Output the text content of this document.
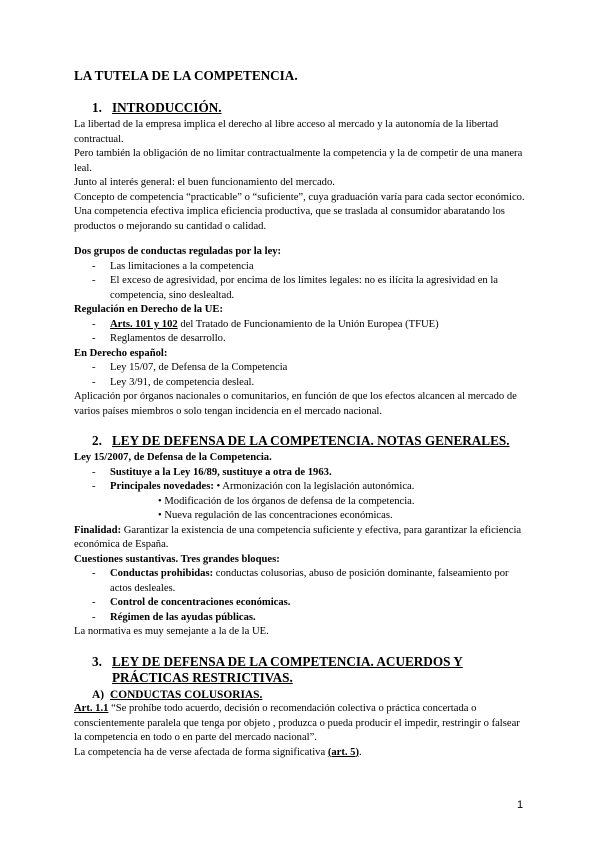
LA TUTELA DE LA COMPETENCIA.

1. INTRODUCCIÓN.

La libertad de la empresa implica el derecho al libre acceso al mercado y la autonomía de la libertad contractual.

Pero también la obligación de no limitar contractualmente la competencia y la de competir de una manera leal.

Junto al interés general: el buen funcionamiento del mercado.

Concepto de competencia “practicable” o “suficiente”, cuya graduación varía para cada sector económico. Una competencia efectiva implica eficiencia productiva, que se traslada al consumidor abaratando los productos o mejorando su cantidad o calidad.

Dos grupos de conductas reguladas por la ley:

-	Las limitaciones a la competencia
-	El exceso de agresividad, por encima de los límites legales: no es ilícita la agresividad en la competencia, sino deslealtad.

Regulación en Derecho de la UE:

-	Arts. 101 y 102 del Tratado de Funcionamiento de la Unión Europea (TFUE)
-	Reglamentos de desarrollo.

En Derecho español:

-	Ley 15/07, de Defensa de la Competencia
-	Ley 3/91, de competencia desleal.

Aplicación por órganos nacionales o comunitarios, en función de que los efectos alcancen al mercado de varios países miembros o solo tengan incidencia en el mercado nacional.

2. LEY DE DEFENSA DE LA COMPETENCIA. NOTAS GENERALES.

Ley 15/2007, de Defensa de la Competencia.

-	Sustituye a la Ley 16/89, sustituye a otra de 1963.
-	Principales novedades: • Armonización con la legislación autonómica.

• Modificación de los órganos de defensa de la competencia.

• Nueva regulación de las concentraciones económicas.

Finalidad: Garantizar la existencia de una competencia suficiente y efectiva, para garantizar la eficiencia económica de España.

Cuestiones sustantivas. Tres grandes bloques:

-	Conductas prohibidas: conductas colusorias, abuso de posición dominante, falseamiento por actos desleales.
-	Control de concentraciones económicas.
-	Régimen de las ayudas públicas.

La normativa es muy semejante a la de la UE.

3. LEY DE DEFENSA DE LA COMPETENCIA. ACUERDOS Y PRÁCTICAS RESTRICTIVAS.
A) CONDUCTAS COLUSORIAS.

Art. 1.1 “Se prohíbe todo acuerdo, decisión o recomendación colectiva o práctica concertada o conscientemente paralela que tenga por objeto , produzca o pueda producir el impedir, restringir o falsear la competencia en todo o en parte del mercado nacional”.

La competencia ha de verse afectada de forma significativa (art. 5).

1
